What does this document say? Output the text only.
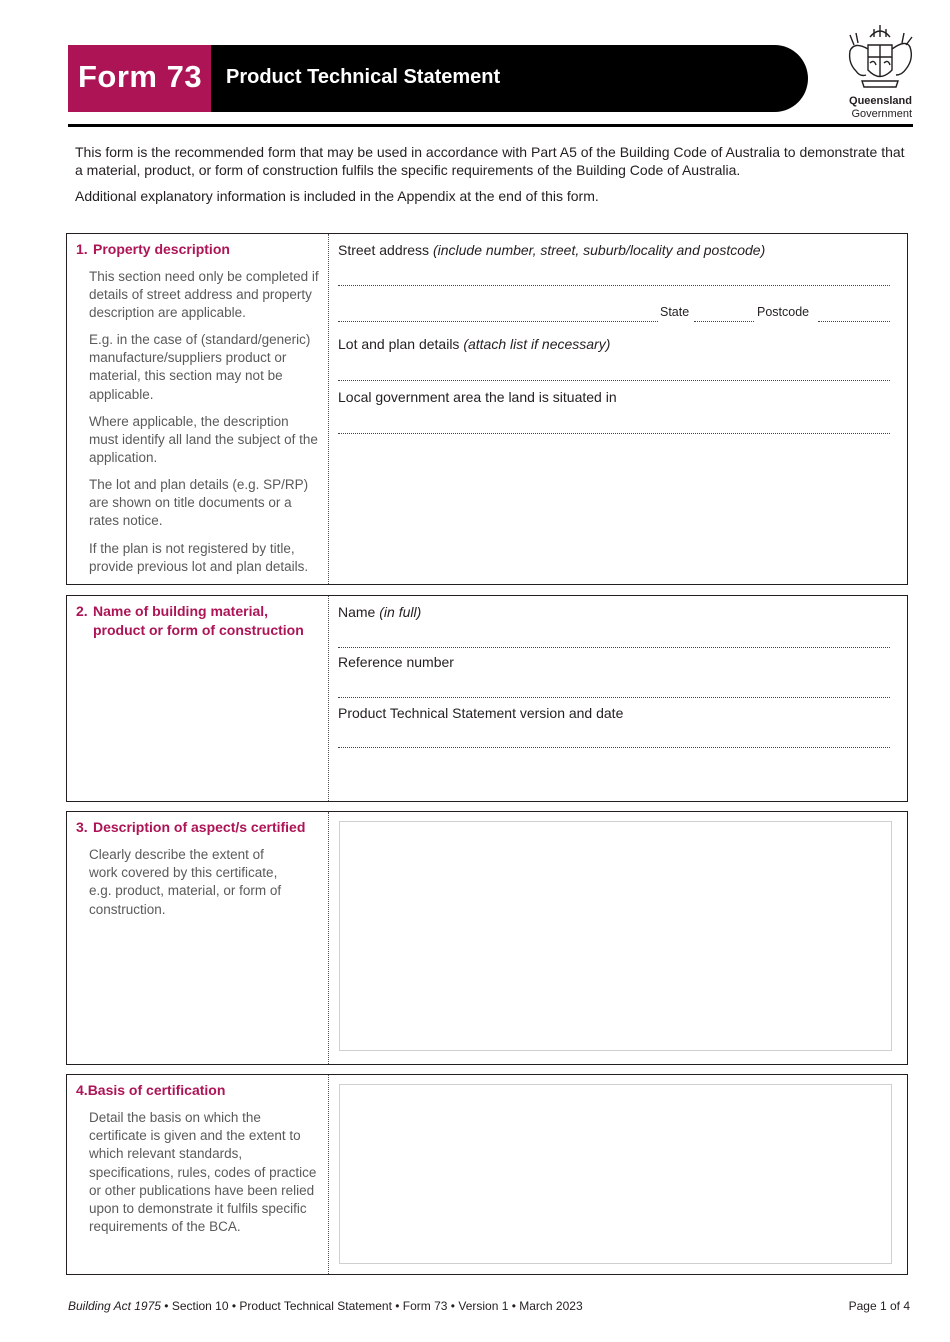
Form 73 Product Technical Statement
Queensland
Government

This form is the recommended form that may be used in accordance with Part A5 of the Building Code of Australia to demonstrate that a material, product, or form of construction fulfils the specific requirements of the Building Code of Australia.

Additional explanatory information is included in the Appendix at the end of this form.

1. Property description

This section need only be completed if details of street address and property description are applicable.

E.g. in the case of (standard/generic) manufacture/suppliers product or material, this section may not be applicable.

Where applicable, the description must identify all land the subject of the application.

The lot and plan details (e.g. SP/RP) are shown on title documents or a rates notice.

If the plan is not registered by title, provide previous lot and plan details.

Street address (include number, street, suburb/locality and postcode)
State	Postcode
Lot and plan details (attach list if necessary)
Local government area the land is situated in
2. Name of building material,
product or form of construction
Name (in full)
Reference number
Product Technical Statement version and date
3. Description of aspect/s certified

Clearly describe the extent of work covered by this certificate, e.g. product, material, or form of construction.

4.Basis of certification

Detail the basis on which the certificate is given and the extent to which relevant standards, specifications, rules, codes of practice or other publications have been relied upon to demonstrate it fulfils specific requirements of the BCA.

Building Act 1975 • Section 10 • Product Technical Statement • Form 73 • Version 1 • March 2023	Page 1 of 4
